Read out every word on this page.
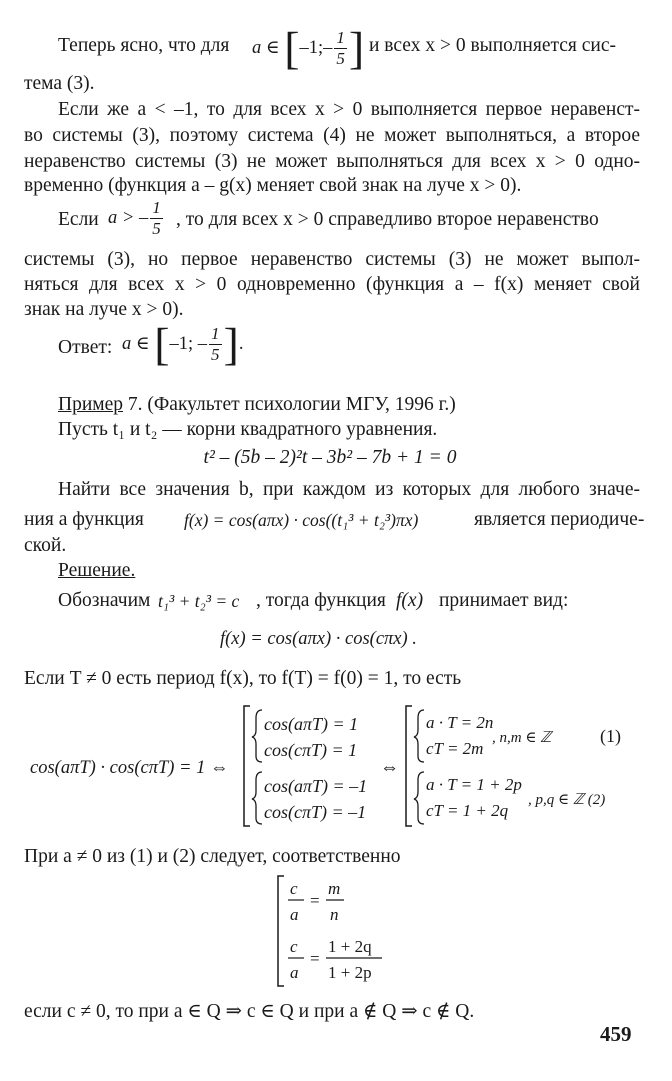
Теперь ясно, что для a ∈ [–1;– $\frac{1}{5}$ ] и всех x > 0 выполняется сис-
тема (3).
Если же a < –1, то для всех x > 0 выполняется первое неравенст-
во системы (3), поэтому система (4) не может выполняться, а второе
неравенство системы (3) не может выполняться для всех x > 0 одно-
временно (функция a – g(x) меняет свой знак на луче x > 0).
Если a > – $\frac{1}{5}$ , то для всех x > 0 справедливо второе неравенство
системы (3), но первое неравенство системы (3) не может выпол-
няться для всех x > 0 одновременно (функция a – f(x) меняет свой
знак на луче x > 0).
Ответ: a ∈ [–1; – $\frac{1}{5}$ ].
Пример 7. (Факультет психологии МГУ, 1996 г.)
Пусть t₁ и t₂ — корни квадратного уравнения.
t² – (5b – 2)²t – 3b² – 7b + 1 = 0
Найти все значения b, при каждом из которых для любого значе-
ния a функция f(x) = cos(aπx) · cos((t₁³ + t₂³)πx)	является периодиче-
ской.
Решение.
Обозначим t₁³ + t₂³ = c , тогда функция f(x) принимает вид:
f(x) = cos(aπx) · cos(cπx) .
Если T ≠ 0 есть период f(x), то f(T) = f(0) = 1, то есть
cos(aπT) · cos(cπT) = 1 ⇔
cos(aπT) = 1
cos(cπT) = 1
cos(aπT) = –1
cos(cπT) = –1
⇔
a · T = 2n
cT = 2m
, n,m ∈ ℤ	(1)
a · T = 1 + 2p
cT = 1 + 2q
, p,q ∈ ℤ (2)
При a ≠ 0 из (1) и (2) следует, соответственно
c
a
=
m
n
c
a
=
1 + 2q
1 + 2p
если c ≠ 0, то при a ∈ Q ⇒ c ∈ Q и при a ∉ Q ⇒ c ∉ Q.
459
